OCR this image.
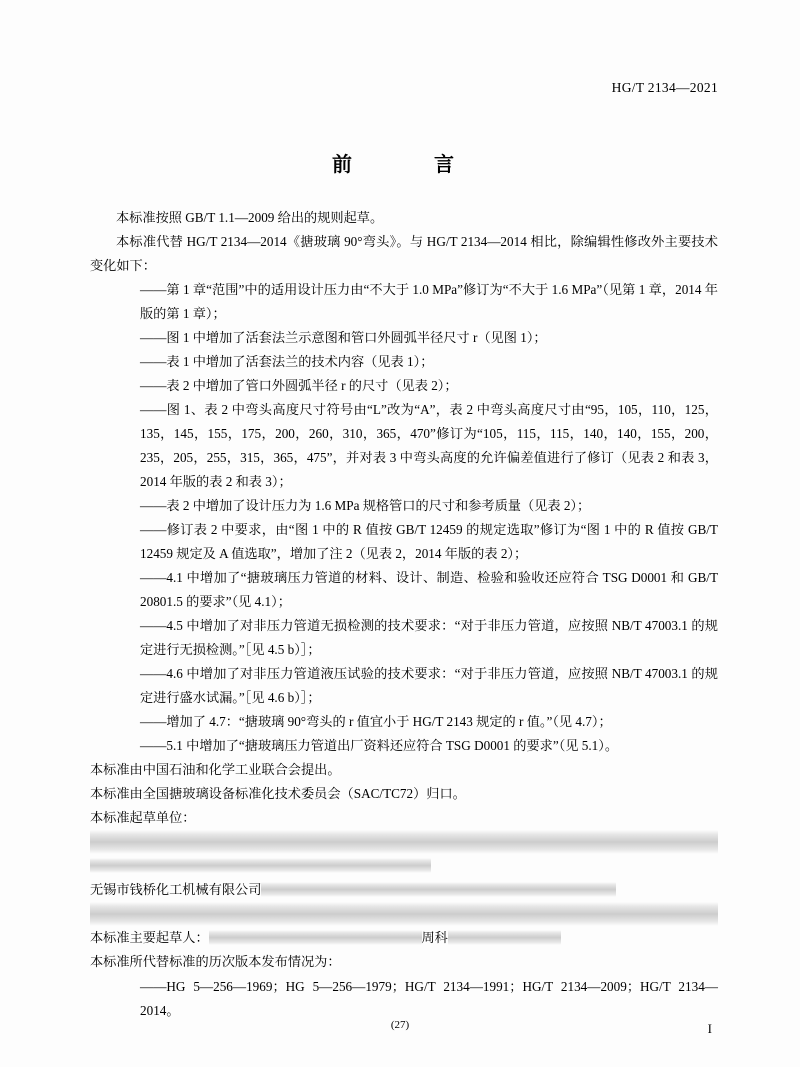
HG/T 2134—2021
前　　言

本标准按照 GB/T 1.1—2009 给出的规则起草。

本标准代替 HG/T 2134—2014《搪玻璃 90°弯头》。与 HG/T 2134—2014 相比，除编辑性修改外主要技术变化如下：

——第 1 章“范围”中的适用设计压力由“不大于 1.0 MPa”修订为“不大于 1.6 MPa”（见第 1 章，2014 年版的第 1 章）；

——图 1 中增加了活套法兰示意图和管口外圆弧半径尺寸 r（见图 1）；

——表 1 中增加了活套法兰的技术内容（见表 1）；

——表 2 中增加了管口外圆弧半径 r 的尺寸（见表 2）；

——图 1、表 2 中弯头高度尺寸符号由“L”改为“A”，表 2 中弯头高度尺寸由“95，105，110，125，135，145，155，175，200，260，310，365，470”修订为“105，115，115，140，140，155，200，235，205，255，315，365，475”，并对表 3 中弯头高度的允许偏差值进行了修订（见表 2 和表 3，2014 年版的表 2 和表 3）；

——表 2 中增加了设计压力为 1.6 MPa 规格管口的尺寸和参考质量（见表 2）；

——修订表 2 中要求，由“图 1 中的 R 值按 GB/T 12459 的规定选取”修订为“图 1 中的 R 值按 GB/T 12459 规定及 A 值选取”，增加了注 2（见表 2，2014 年版的表 2）；

——4.1 中增加了“搪玻璃压力管道的材料、设计、制造、检验和验收还应符合 TSG D0001 和 GB/T 20801.5 的要求”（见 4.1）；

——4.5 中增加了对非压力管道无损检测的技术要求：“对于非压力管道，应按照 NB/T 47003.1 的规定进行无损检测。”［见 4.5 b）］；

——4.6 中增加了对非压力管道液压试验的技术要求：“对于非压力管道，应按照 NB/T 47003.1 的规定进行盛水试漏。”［见 4.6 b）］；

——增加了 4.7：“搪玻璃 90°弯头的 r 值宜小于 HG/T 2143 规定的 r 值。”（见 4.7）；

——5.1 中增加了“搪玻璃压力管道出厂资料还应符合 TSG D0001 的要求”（见 5.1）。

本标准由中国石油和化学工业联合会提出。

本标准由全国搪玻璃设备标准化技术委员会（SAC/TC72）归口。

本标准起草单位：

无锡市钱桥化工机械有限公司

本标准主要起草人：	周科

本标准所代替标准的历次版本发布情况为：

——HG 5—256—1969；HG 5—256—1979；HG/T 2134—1991；HG/T 2134—2009；HG/T 2134—2014。

(27)	I
